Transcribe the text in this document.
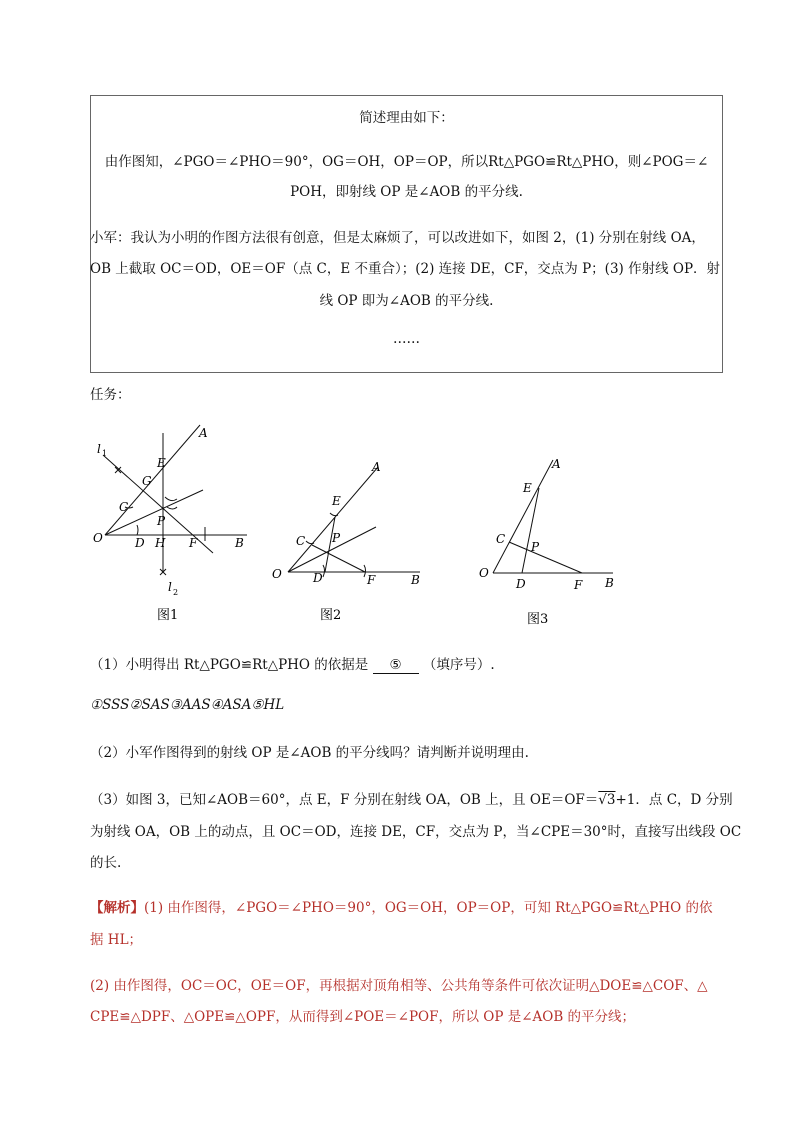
简述理由如下：
由作图知，∠PGO＝∠PHO＝90°，OG＝OH，OP＝OP，所以Rt△PGO≌Rt△PHO，则∠POG＝∠
POH，即射线 OP 是∠AOB 的平分线.
小军：我认为小明的作图方法很有创意，但是太麻烦了，可以改进如下，如图 2，(1) 分别在射线 OA，
OB 上截取 OC＝OD，OE＝OF（点 C，E 不重合）；(2) 连接 DE，CF，交点为 P；(3) 作射线 OP．射
线 OP 即为∠AOB 的平分线.
……
任务：
A
l 1
E
G
C
P
O	D H F	B
l 2
图1
A
E
C P
O	D	F	B
图2
A
E
C
P
O
D	F B
图3
（1）小明得出 Rt△PGO≌Rt△PHO 的依据是 ⑤ （填序号）.
①SSS②SAS③AAS④ASA⑤HL
（2）小军作图得到的射线 OP 是∠AOB 的平分线吗？请判断并说明理由.
（3）如图 3，已知∠AOB＝60°，点 E，F 分别在射线 OA，OB 上，且 OE＝OF＝√3+1．点 C，D 分别
为射线 OA，OB 上的动点，且 OC＝OD，连接 DE，CF，交点为 P，当∠CPE＝30°时，直接写出线段 OC
的长.
【解析】(1) 由作图得，∠PGO＝∠PHO＝90°，OG＝OH，OP＝OP，可知 Rt△PGO≌Rt△PHO 的依
据 HL；
(2) 由作图得，OC＝OC，OE＝OF，再根据对顶角相等、公共角等条件可依次证明△DOE≌△COF、△
CPE≌△DPF、△OPE≌△OPF，从而得到∠POE＝∠POF，所以 OP 是∠AOB 的平分线；
